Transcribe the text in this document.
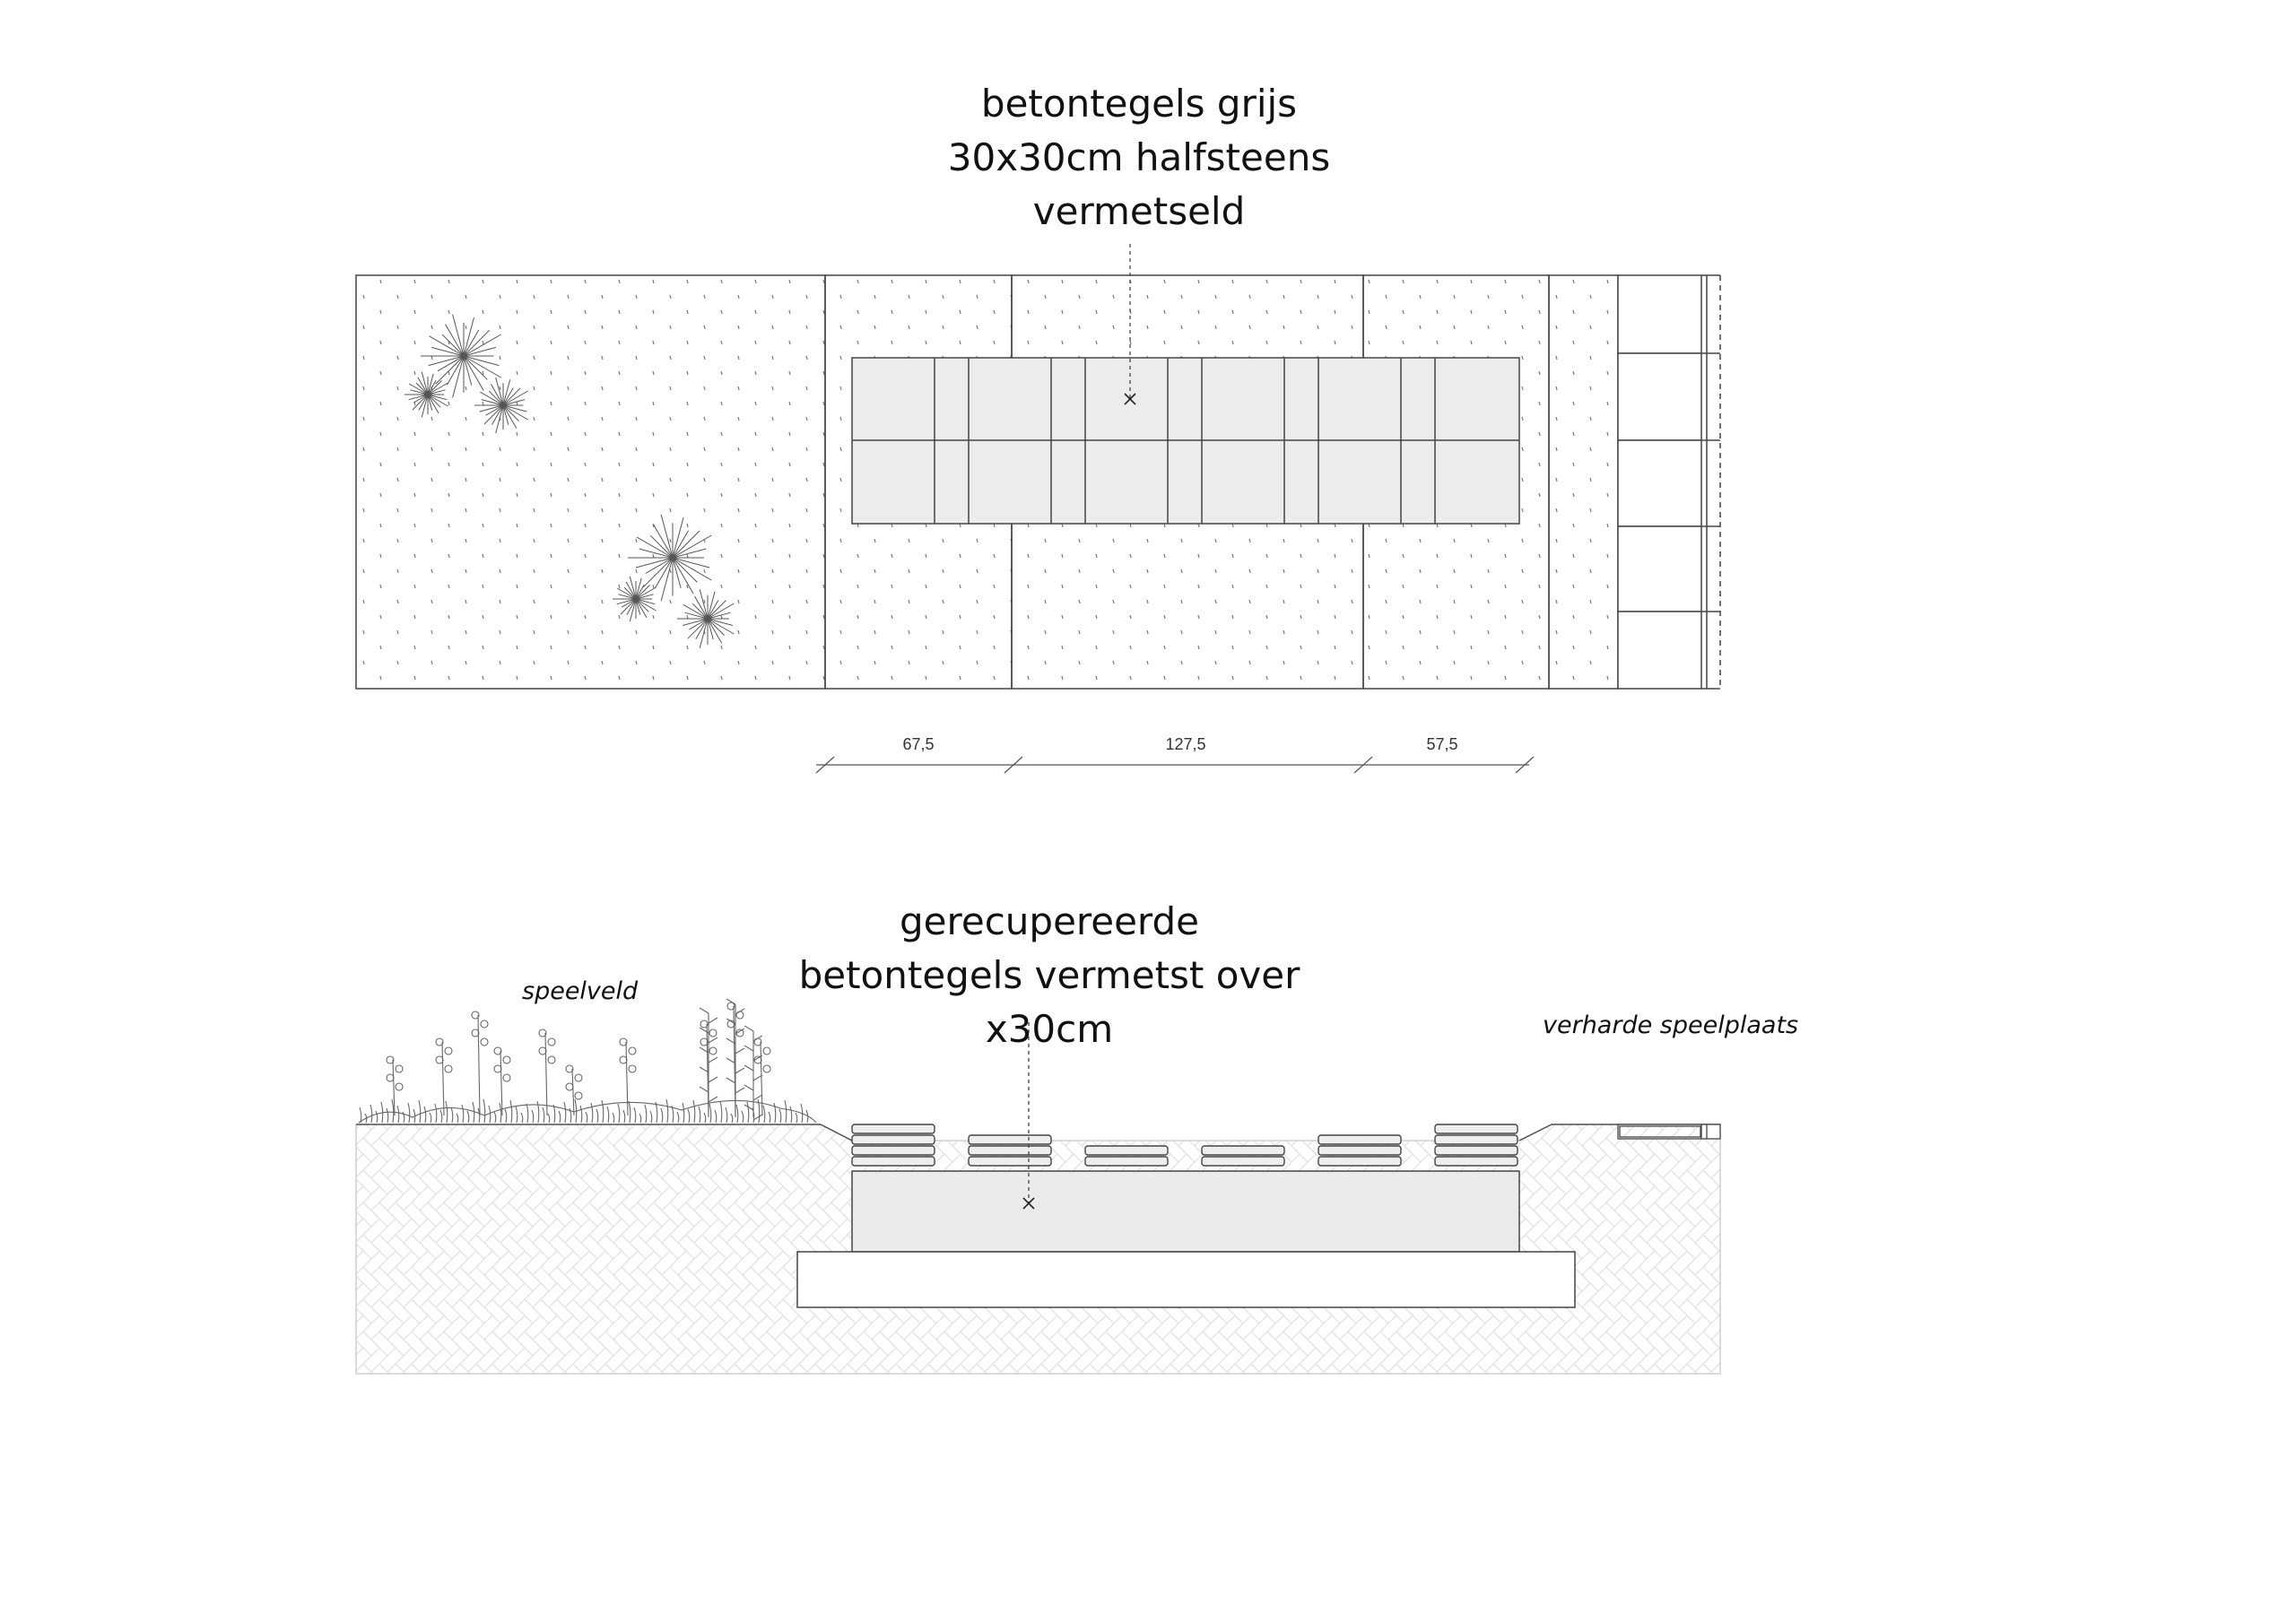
67,5	127,5	57,5
betontegels grijs
30x30cm halfsteens
vermetseld
gerecupereerde
betontegels vermetst over
x30cm
speelveld
verharde speelplaats
